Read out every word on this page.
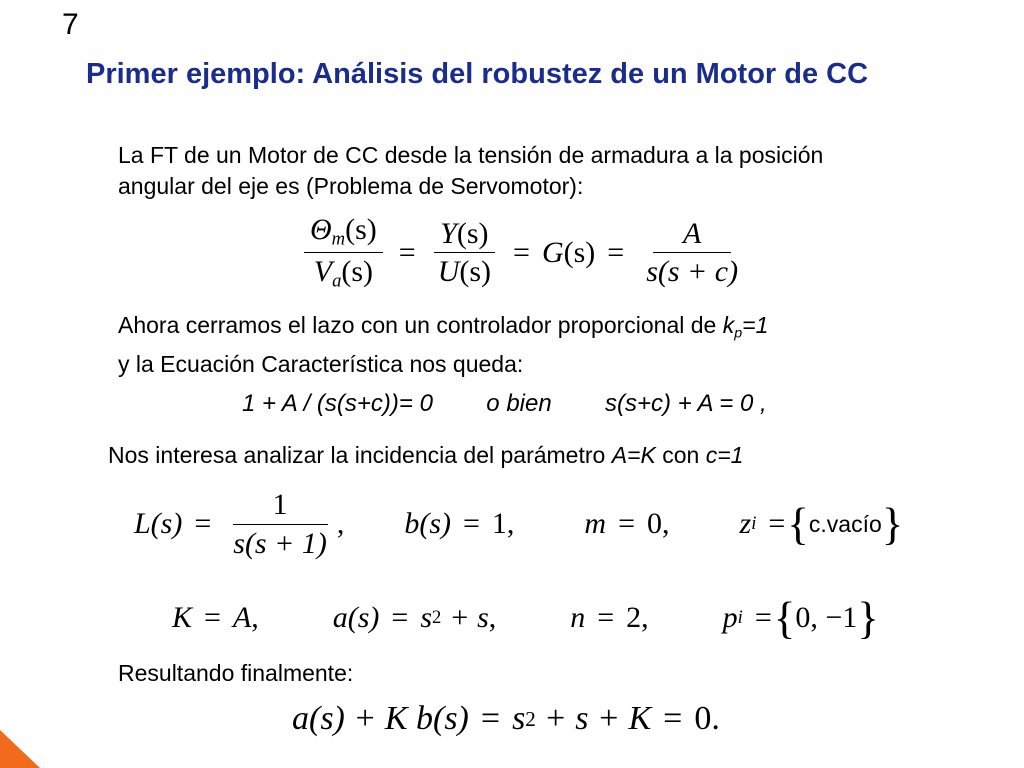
7
Primer ejemplo: Análisis del robustez de un Motor de CC
La FT de un Motor de CC desde la tensión de armadura a la posición
angular del eje es (Problema de Servomotor):
$\frac{\Theta_m(s)}{V_a(s)} = \frac{Y(s)}{U(s)} = G$ $(s) = \frac{A}{s(s + c)}$
Ahora cerramos el lazo con un controlador proporcional de $k_p=1$
y la Ecuación Característica nos queda:
1 + A / (s(s+c))= 0 o bien s(s+c) + A = 0 ,
Nos interesa analizar la incidencia del parámetro A=K con c=1
$L(s) = \frac{1}{s(s + 1)}$ , b(s) = 1 , m = 0 , z i = { c.vacío }
K = A , a(s) = s 2 + s , n = 2 , p i = { 0, −1 }
Resultando finalmente:
a(s) + K b(s) = s 2 + s + K = 0.
